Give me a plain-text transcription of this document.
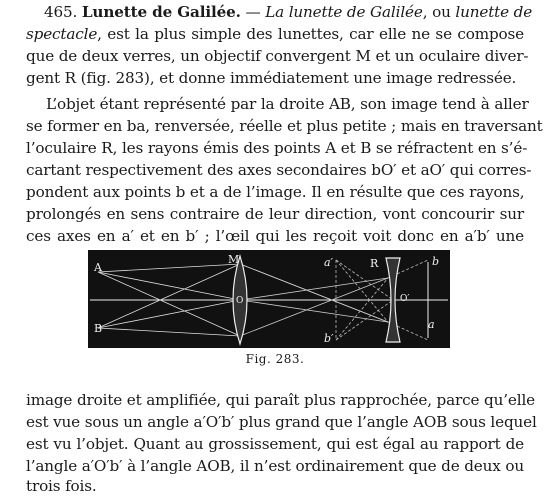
465. Lunette de Galilée. — La lunette de Galilée, ou lunette de
spectacle, est la plus simple des lunettes, car elle ne se compose
que de deux verres, un objectif convergent M et un oculaire diver-
gent R (fig. 283), et donne immédiatement une image redressée.
L’objet étant représenté par la droite AB, son image tend à aller
se former en ba, renversée, réelle et plus petite ; mais en traversant
l’oculaire R, les rayons émis des points A et B se réfractent en s’é-
cartant respectivement des axes secondaires bO′ et aO′ qui corres-
pondent aux points b et a de l’image. Il en résulte que ces rayons,
prolongés en sens contraire de leur direction, vont concourir sur
ces axes en a′ et en b′ ; l’œil qui les reçoit voit donc en a′b′ une
A
B
M
O
a′
b′
R
O′
b
a
Fig. 283.
image droite et amplifiée, qui paraît plus rapprochée, parce qu’elle
est vue sous un angle a′O′b′ plus grand que l’angle AOB sous lequel
est vu l’objet. Quant au grossissement, qui est égal au rapport de
l’angle a′O′b′ à l’angle AOB, il n’est ordinairement que de deux ou
trois fois.
